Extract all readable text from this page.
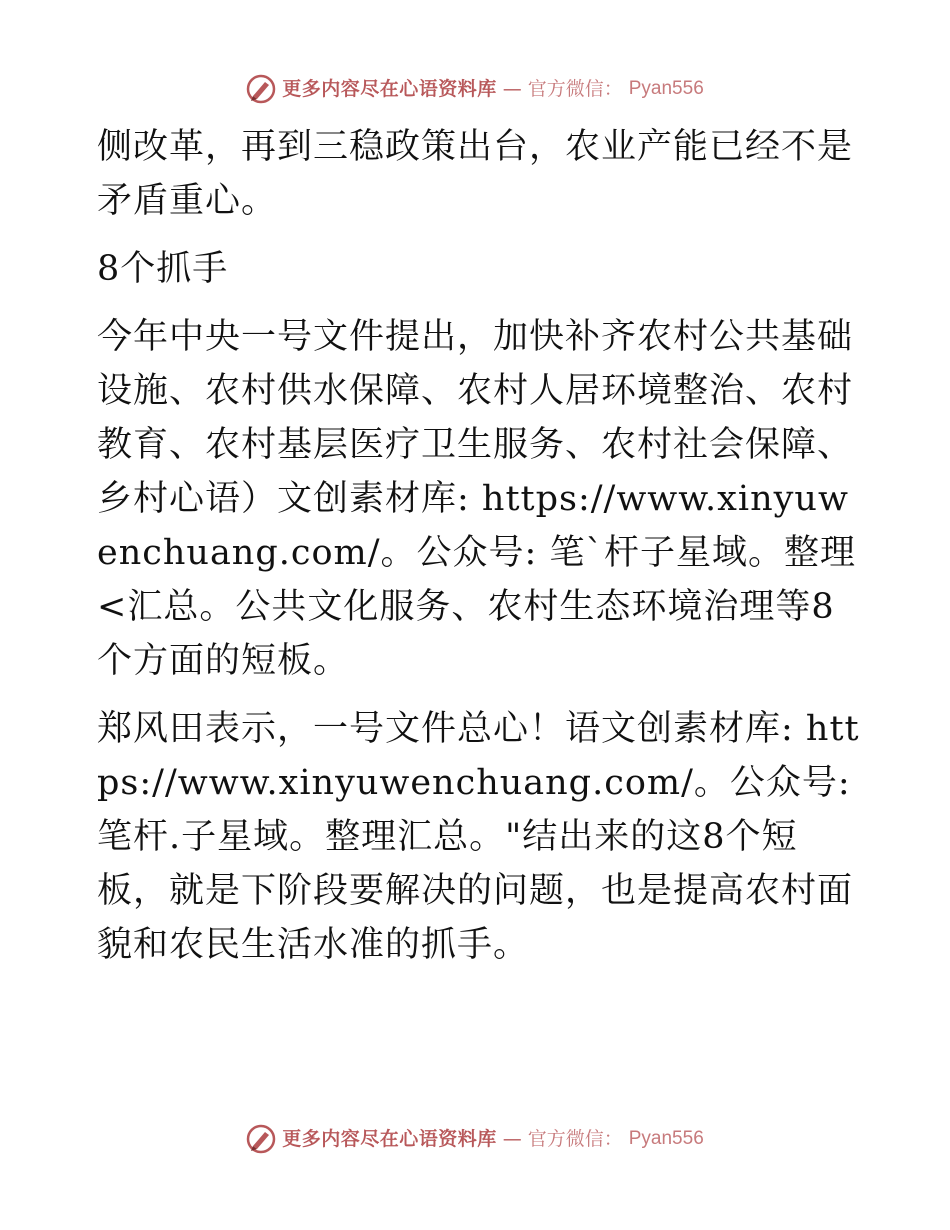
更多内容尽在心语资料库 — 官方微信： Pyan556

侧改革，再到三稳政策出台，农业产能已经不是矛盾重心。

8个抓手

今年中央一号文件提出，加快补齐农村公共基础设施、农村供水保障、农村人居环境整治、农村教育、农村基层医疗卫生服务、农村社会保障、乡村心语）文创素材库: https://www.xinyuwenchuang.com/。公众号: 笔`杆子星域。整理<汇总。公共文化服务、农村生态环境治理等8个方面的短板。

郑风田表示，一号文件总心！语文创素材库: https://www.xinyuwenchuang.com/。公众号: 笔杆.子星域。整理汇总。"结出来的这8个短板，就是下阶段要解决的问题，也是提高农村面貌和农民生活水准的抓手。

更多内容尽在心语资料库 — 官方微信： Pyan556
